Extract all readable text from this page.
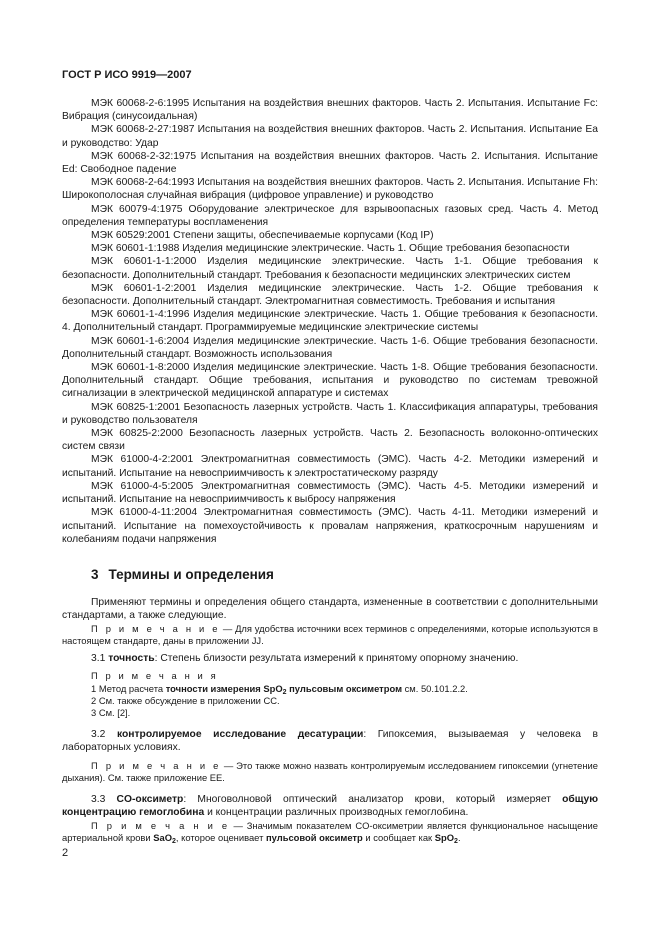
ГОСТ Р ИСО 9919—2007

МЭК 60068-2-6:1995 Испытания на воздействия внешних факторов. Часть 2. Испытания. Испытание Fc: Вибрация (синусоидальная)

МЭК 60068-2-27:1987 Испытания на воздействия внешних факторов. Часть 2. Испытания. Испытание Ea и руководство: Удар

МЭК 60068-2-32:1975 Испытания на воздействия внешних факторов. Часть 2. Испытания. Испытание Ed: Свободное падение

МЭК 60068-2-64:1993 Испытания на воздействия внешних факторов. Часть 2. Испытания. Испытание Fh: Широкополосная случайная вибрация (цифровое управление) и руководство

МЭК 60079-4:1975 Оборудование электрическое для взрывоопасных газовых сред. Часть 4. Метод определения температуры воспламенения

МЭК 60529:2001 Степени защиты, обеспечиваемые корпусами (Код IP)

МЭК 60601-1:1988 Изделия медицинские электрические. Часть 1. Общие требования безопасности

МЭК 60601-1-1:2000 Изделия медицинские электрические. Часть 1-1. Общие требования к безопасности. Дополнительный стандарт. Требования к безопасности медицинских электрических систем

МЭК 60601-1-2:2001 Изделия медицинские электрические. Часть 1-2. Общие требования к безопасности. Дополнительный стандарт. Электромагнитная совместимость. Требования и испытания

МЭК 60601-1-4:1996 Изделия медицинские электрические. Часть 1. Общие требования к безопасности. 4. Дополнительный стандарт. Программируемые медицинские электрические системы

МЭК 60601-1-6:2004 Изделия медицинские электрические. Часть 1-6. Общие требования безопасности. Дополнительный стандарт. Возможность использования

МЭК 60601-1-8:2000 Изделия медицинские электрические. Часть 1-8. Общие требования безопасности. Дополнительный стандарт. Общие требования, испытания и руководство по системам тревожной сигнализации в электрической медицинской аппаратуре и системах

МЭК 60825-1:2001 Безопасность лазерных устройств. Часть 1. Классификация аппаратуры, требования и руководство пользователя

МЭК 60825-2:2000 Безопасность лазерных устройств. Часть 2. Безопасность волоконно-оптических систем связи

МЭК 61000-4-2:2001 Электромагнитная совместимость (ЭМС). Часть 4-2. Методики измерений и испытаний. Испытание на невосприимчивость к электростатическому разряду

МЭК 61000-4-5:2005 Электромагнитная совместимость (ЭМС). Часть 4-5. Методики измерений и испытаний. Испытание на невосприимчивость к выбросу напряжения

МЭК 61000-4-11:2004 Электромагнитная совместимость (ЭМС). Часть 4-11. Методики измерений и испытаний. Испытание на помехоустойчивость к провалам напряжения, краткосрочным нарушениям и колебаниям подачи напряжения

3 Термины и определения

Применяют термины и определения общего стандарта, измененные в соответствии с дополнительными стандартами, а также следующие.

П р и м е ч а н и е — Для удобства источники всех терминов с определениями, которые используются в настоящем стандарте, даны в приложении JJ.

3.1 точность: Степень близости результата измерений к принятому опорному значению.

П р и м е ч а н и я

1 Метод расчета точности измерения SpO$_2$ пульсовым оксиметром см. 50.101.2.2.

2 См. также обсуждение в приложении CC.

3 См. [2].

3.2 контролируемое исследование десатурации: Гипоксемия, вызываемая у человека в лабораторных условиях.

П р и м е ч а н и е — Это также можно назвать контролируемым исследованием гипоксемии (угнетение дыхания). См. также приложение EE.

3.3 CO-оксиметр: Многоволновой оптический анализатор крови, который измеряет общую концентрацию гемоглобина и концентрации различных производных гемоглобина.

П р и м е ч а н и е — Значимым показателем CO-оксиметрии является функциональное насыщение артериальной крови SaO$_2$, которое оценивает пульсовой оксиметр и сообщает как SpO$_2$.

2
